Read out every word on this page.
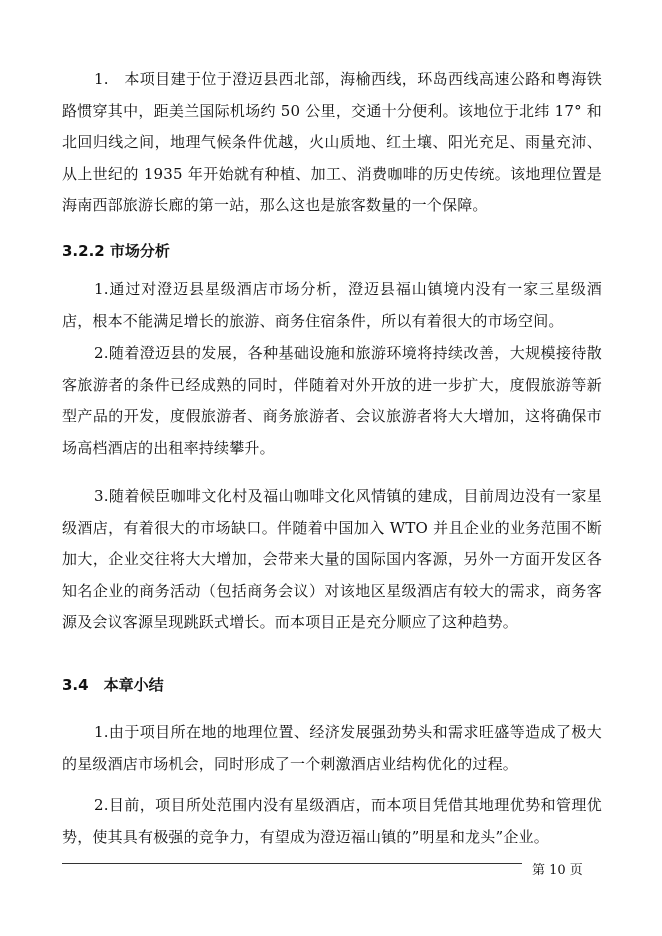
1.　本项目建于位于澄迈县西北部，海榆西线，环岛西线高速公路和粤海铁路惯穿其中，距美兰国际机场约 50 公里，交通十分便利。该地位于北纬 17° 和北回归线之间，地理气候条件优越，火山质地、红土壤、阳光充足、雨量充沛、从上世纪的 1935 年开始就有种植、加工、消费咖啡的历史传统。该地理位置是海南西部旅游长廊的第一站，那么这也是旅客数量的一个保障。

3.2.2 市场分析

1.通过对澄迈县星级酒店市场分析，澄迈县福山镇境内没有一家三星级酒店，根本不能满足增长的旅游、商务住宿条件，所以有着很大的市场空间。

2.随着澄迈县的发展，各种基础设施和旅游环境将持续改善，大规模接待散客旅游者的条件已经成熟的同时，伴随着对外开放的进一步扩大，度假旅游等新型产品的开发，度假旅游者、商务旅游者、会议旅游者将大大增加，这将确保市场高档酒店的出租率持续攀升。

3.随着候臣咖啡文化村及福山咖啡文化风情镇的建成，目前周边没有一家星级酒店，有着很大的市场缺口。伴随着中国加入 WTO 并且企业的业务范围不断加大，企业交往将大大增加，会带来大量的国际国内客源，另外一方面开发区各知名企业的商务活动（包括商务会议）对该地区星级酒店有较大的需求，商务客源及会议客源呈现跳跃式增长。而本项目正是充分顺应了这种趋势。

3.4　本章小结

1.由于项目所在地的地理位置、经济发展强劲势头和需求旺盛等造成了极大的星级酒店市场机会，同时形成了一个刺激酒店业结构优化的过程。

2.目前，项目所处范围内没有星级酒店，而本项目凭借其地理优势和管理优势，使其具有极强的竞争力，有望成为澄迈福山镇的”明星和龙头”企业。

第 10 页
